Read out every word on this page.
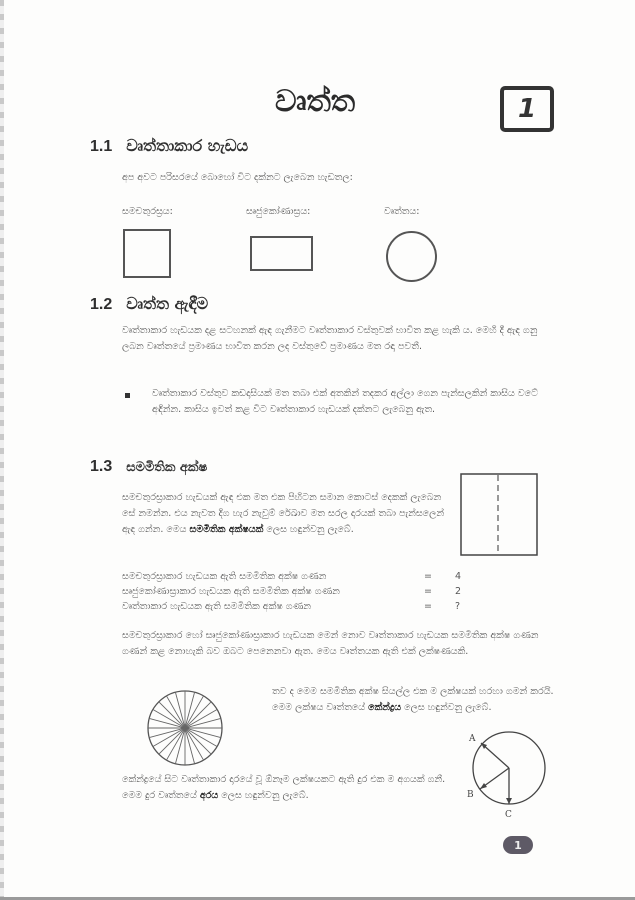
වෘත්ත	1
1.1 වෘත්තාකාර හැඩය
අප අවට පරිසරයේ බොහෝ විට දක්නට ලැබෙන හැඩතල:
සමචතුරස්‍රය:	සෘජුකෝණාස්‍රය:	වෘත්තය:
1.2 වෘත්ත ඇඳීම
වෘත්තාකාර හැඩයක දළ සටහනක් ඇඳ ගැනීමට වෘත්තාකාර වස්තුවක් භාවිත කළ හැකි ය. මෙහි දී ඇඳ ගනු ලබන වෘත්තයේ ප්‍රමාණය භාවිත කරන ලද වස්තුවේ ප්‍රමාණය මත රඳා පවතී.
වෘත්තාකාර වස්තුව කඩදාසියක් මත තබා එක් අතකින් තදකර අල්ලා ගෙන පැන්සලකින් කාසිය වටේ අඳින්න. කාසිය ඉවත් කළ විට වෘත්තාකාර හැඩයක් දක්නට ලැබෙනු ඇත.
1.3 සමමිතික අක්ෂ
සමචතුරස්‍රාකාර හැඩයක් ඇඳ එක මත එක පිහිටන සමාන කොටස් දෙකක් ලැබෙන සේ නමන්න. එය නැවත දිග හැර නැවුම් රේඛාව මත සරල දාරයක් තබා පැන්සලෙන් ඇඳ ගන්න. මෙය සමමිතික අක්ෂයක් ලෙස හඳුන්වනු ලැබේ.
සමචතුරස්‍රාකාර හැඩයක ඇති සමමිතික අක්ෂ ගණන	= 4
සෘජුකෝණාස්‍රාකාර හැඩයක ඇති සමමිතික අක්ෂ ගණන	= 2
වෘත්තාකාර හැඩයක ඇති සමමිතික අක්ෂ ගණන	= ?
සමචතුරස්‍රාකාර හෝ සෘජුකෝණාස්‍රාකාර හැඩයක මෙන් නොව වෘත්තාකාර හැඩයක සමමිතික අක්ෂ ගණන ගණන් කළ නොහැකි බව ඔබට පෙනෙනවා ඇත. මෙය වෘත්තයක ඇති එක් ලක්ෂණයකි.
තව ද මෙම සමමිතික අක්ෂ සියල්ල එක ම ලක්ෂයක් හරහා ගමන් කරයි. මෙම ලක්ෂය වෘත්තයේ කේන්ද්‍රය ලෙස හඳුන්වනු ලැබේ.
කේන්ද්‍රයේ සිට වෘත්තාකාර දාරයේ වූ ඕනෑම ලක්ෂයකට ඇති දුර එක ම අගයක් ගනී. මෙම දුර වෘත්තයේ අරය ලෙස හඳුන්වනු ලැබේ.
A
B
C
1
